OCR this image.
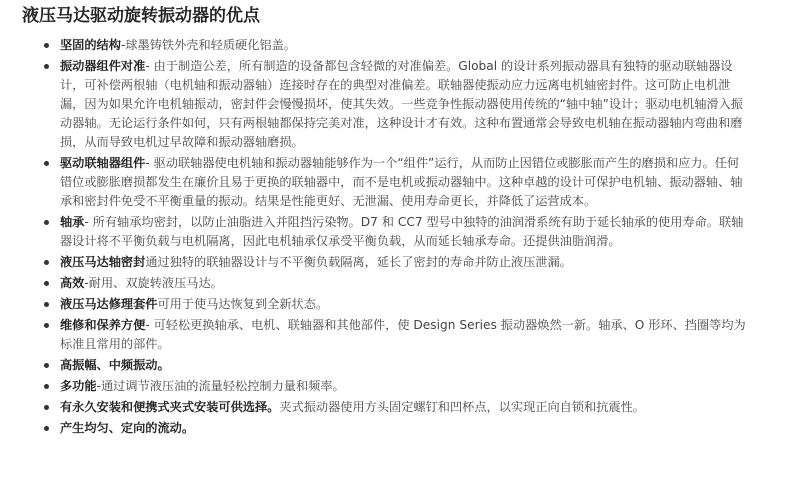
液压马达驱动旋转振动器的优点
坚固的结构-球墨铸铁外壳和轻质硬化铝盖。
振动器组件对准- 由于制造公差，所有制造的设备都包含轻微的对准偏差。Global 的设计系列振动器具有独特的驱动联轴器设计，可补偿两根轴（电机轴和振动器轴）连接时存在的典型对准偏差。联轴器使振动应力远离电机轴密封件。这可防止电机泄漏，因为如果允许电机轴振动，密封件会慢慢损坏，使其失效。一些竞争性振动器使用传统的“轴中轴”设计；驱动电机轴滑入振动器轴。无论运行条件如何，只有两根轴都保持完美对准，这种设计才有效。这种布置通常会导致电机轴在振动器轴内弯曲和磨损，从而导致电机过早故障和振动器轴磨损。
驱动联轴器组件- 驱动联轴器使电机轴和振动器轴能够作为一个“组件”运行，从而防止因错位或膨胀而产生的磨损和应力。任何错位或膨胀磨损都发生在廉价且易于更换的联轴器中，而不是电机或振动器轴中。这种卓越的设计可保护电机轴、振动器轴、轴承和密封件免受不平衡重量的振动。结果是性能更好、无泄漏、使用寿命更长，并降低了运营成本。
轴承- 所有轴承均密封，以防止油脂进入并阻挡污染物。D7 和 CC7 型号中独特的油润滑系统有助于延长轴承的使用寿命。联轴器设计将不平衡负载与电机隔离，因此电机轴承仅承受平衡负载，从而延长轴承寿命。还提供油脂润滑。
液压马达轴密封通过独特的联轴器设计与不平衡负载隔离，延长了密封的寿命并防止液压泄漏。
高效-耐用、双旋转液压马达。
液压马达修理套件可用于使马达恢复到全新状态。
维修和保养方便- 可轻松更换轴承、电机、联轴器和其他部件，使 Design Series 振动器焕然一新。轴承、O 形环、挡圈等均为标准且常用的部件。
高振幅、中频振动。
多功能-通过调节液压油的流量轻松控制力量和频率。
有永久安装和便携式夹式安装可供选择。夹式振动器使用方头固定螺钉和凹杯点，以实现正向自锁和抗震性。
产生均匀、定向的流动。
